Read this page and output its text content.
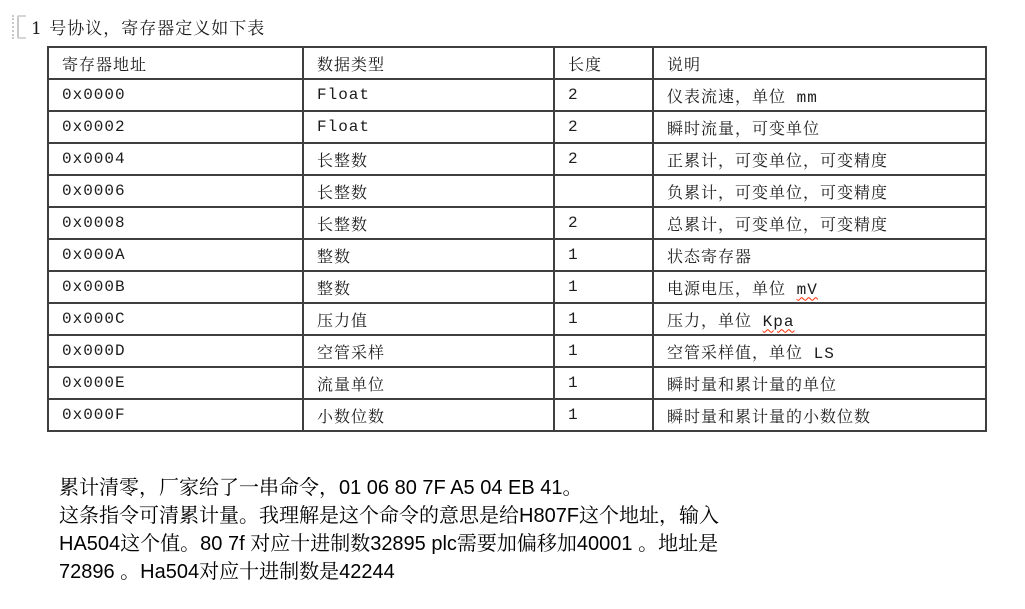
1 号协议，寄存器定义如下表
寄存器地址	数据类型	长度	说明
0x0000	Float	2	仪表流速，单位 mm
0x0002	Float	2	瞬时流量，可变单位
0x0004	长整数	2	正累计，可变单位，可变精度
0x0006	长整数		负累计，可变单位，可变精度
0x0008	长整数	2	总累计，可变单位，可变精度
0x000A	整数	1	状态寄存器
0x000B	整数	1	电源电压，单位 mV
0x000C	压力值	1	压力，单位 Kpa
0x000D	空管采样	1	空管采样值，单位 LS
0x000E	流量单位	1	瞬时量和累计量的单位
0x000F	小数位数	1	瞬时量和累计量的小数位数
累计清零，厂家给了一串命令，01 06 80 7F A5 04 EB 41。
这条指令可清累计量。我理解是这个命令的意思是给H807F这个地址，输入
HA504这个值。80 7f 对应十进制数32895 plc需要加偏移加40001 。地址是
72896 。Ha504对应十进制数是42244
